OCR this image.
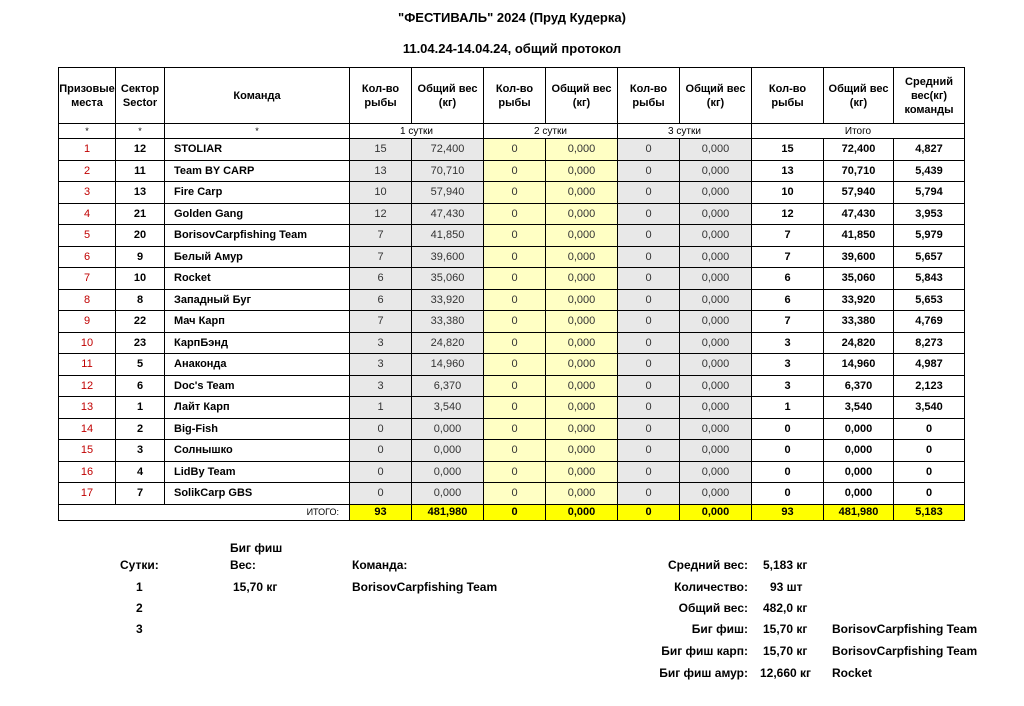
"ФЕСТИВАЛЬ" 2024 (Пруд Кудерка)
11.04.24-14.04.24, общий протокол
Призовые места	Сектор Sector	Команда	Кол-во рыбы	Общий вес (кг)	Кол-во рыбы	Общий вес (кг)	Кол-во рыбы	Общий вес (кг)	Кол-во рыбы	Общий вес (кг)	Средний вес(кг) команды
*	*	*	1 сутки		2 сутки		3 сутки		Итого		
1	12	STOLIAR	15	72,400	0	0,000	0	0,000	15	72,400	4,827
2	11	Team BY CARP	13	70,710	0	0,000	0	0,000	13	70,710	5,439
3	13	Fire Carp	10	57,940	0	0,000	0	0,000	10	57,940	5,794
4	21	Golden Gang	12	47,430	0	0,000	0	0,000	12	47,430	3,953
5	20	BorisovCarpfishing Team	7	41,850	0	0,000	0	0,000	7	41,850	5,979
6	9	Белый Амур	7	39,600	0	0,000	0	0,000	7	39,600	5,657
7	10	Rocket	6	35,060	0	0,000	0	0,000	6	35,060	5,843
8	8	Западный Буг	6	33,920	0	0,000	0	0,000	6	33,920	5,653
9	22	Мач Карп	7	33,380	0	0,000	0	0,000	7	33,380	4,769
10	23	КарпБэнд	3	24,820	0	0,000	0	0,000	3	24,820	8,273
11	5	Анаконда	3	14,960	0	0,000	0	0,000	3	14,960	4,987
12	6	Doc's Team	3	6,370	0	0,000	0	0,000	3	6,370	2,123
13	1	Лайт Карп	1	3,540	0	0,000	0	0,000	1	3,540	3,540
14	2	Big-Fish	0	0,000	0	0,000	0	0,000	0	0,000	0
15	3	Солнышко	0	0,000	0	0,000	0	0,000	0	0,000	0
16	4	LidBy Team	0	0,000	0	0,000	0	0,000	0	0,000	0
17	7	SolikCarp GBS	0	0,000	0	0,000	0	0,000	0	0,000	0
ИТОГО:			93	481,980	0	0,000	0	0,000	93	481,980	5,183
Сутки:
Биг фиш
Вес:	Команда:
1	15,70 кг	BorisovCarpfishing Team
2
3
Средний вес: 5,183 кг
Количество: 93 шт
Общий вес: 482,0 кг
Биг фиш: 15,70 кг BorisovCarpfishing Team
Биг фиш карп: 15,70 кг BorisovCarpfishing Team
Биг фиш амур: 12,660 кг Rocket
